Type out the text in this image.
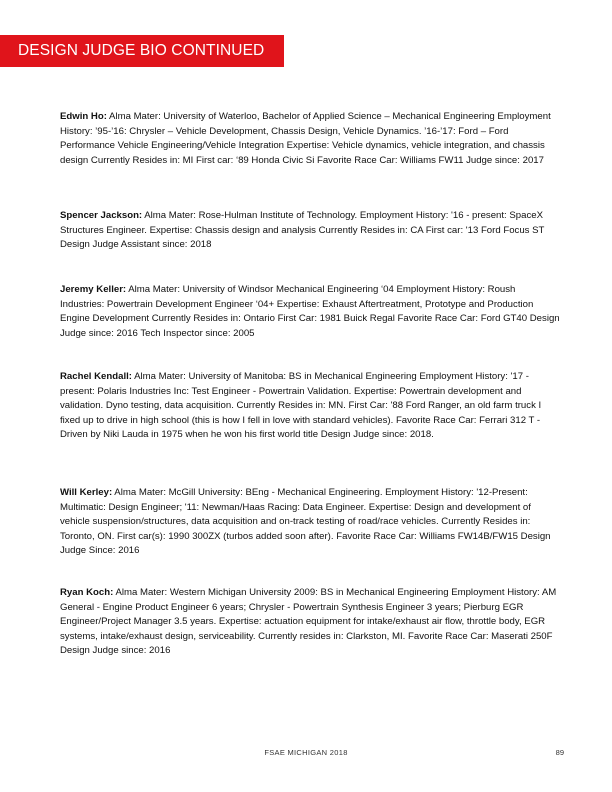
DESIGN JUDGE BIO CONTINUED

Edwin Ho: Alma Mater: University of Waterloo, Bachelor of Applied Science – Mechanical Engineering Employment History: ’95-’16: Chrysler – Vehicle Development, Chassis Design, Vehicle Dynamics. ’16-’17: Ford – Ford Performance Vehicle Engineering/Vehicle Integration Expertise: Vehicle dynamics, vehicle integration, and chassis design Currently Resides in: MI First car: ‘89 Honda Civic Si Favorite Race Car: Williams FW11 Judge since: 2017

Spencer Jackson: Alma Mater: Rose-Hulman Institute of Technology. Employment History: '16 - present: SpaceX Structures Engineer. Expertise: Chassis design and analysis Currently Resides in: CA First car: '13 Ford Focus ST Design Judge Assistant since: 2018

Jeremy Keller: Alma Mater: University of Windsor Mechanical Engineering ‘04 Employment History: Roush Industries: Powertrain Development Engineer ‘04+ Expertise: Exhaust Aftertreatment, Prototype and Production Engine Development Currently Resides in: Ontario First Car: 1981 Buick Regal Favorite Race Car: Ford GT40 Design Judge since: 2016 Tech Inspector since: 2005

Rachel Kendall: Alma Mater: University of Manitoba: BS in Mechanical Engineering Employment History: '17 - present: Polaris Industries Inc: Test Engineer - Powertrain Validation. Expertise: Powertrain development and validation. Dyno testing, data acquisition. Currently Resides in: MN. First Car: '88 Ford Ranger, an old farm truck I fixed up to drive in high school (this is how I fell in love with standard vehicles). Favorite Race Car: Ferrari 312 T - Driven by Niki Lauda in 1975 when he won his first world title Design Judge since: 2018.

Will Kerley: Alma Mater: McGill University: BEng - Mechanical Engineering. Employment History: '12-Present: Multimatic: Design Engineer; '11: Newman/Haas Racing: Data Engineer. Expertise: Design and development of vehicle suspension/structures, data acquisition and on-track testing of road/race vehicles. Currently Resides in: Toronto, ON. First car(s): 1990 300ZX (turbos added soon after). Favorite Race Car: Williams FW14B/FW15 Design Judge Since: 2016

Ryan Koch: Alma Mater: Western Michigan University 2009: BS in Mechanical Engineering Employment History: AM General - Engine Product Engineer 6 years; Chrysler - Powertrain Synthesis Engineer 3 years; Pierburg EGR Engineer/Project Manager 3.5 years. Expertise: actuation equipment for intake/exhaust air flow, throttle body, EGR systems, intake/exhaust design, serviceability. Currently resides in: Clarkston, MI. Favorite Race Car: Maserati 250F Design Judge since: 2016

FSAE MICHIGAN 2018	89
